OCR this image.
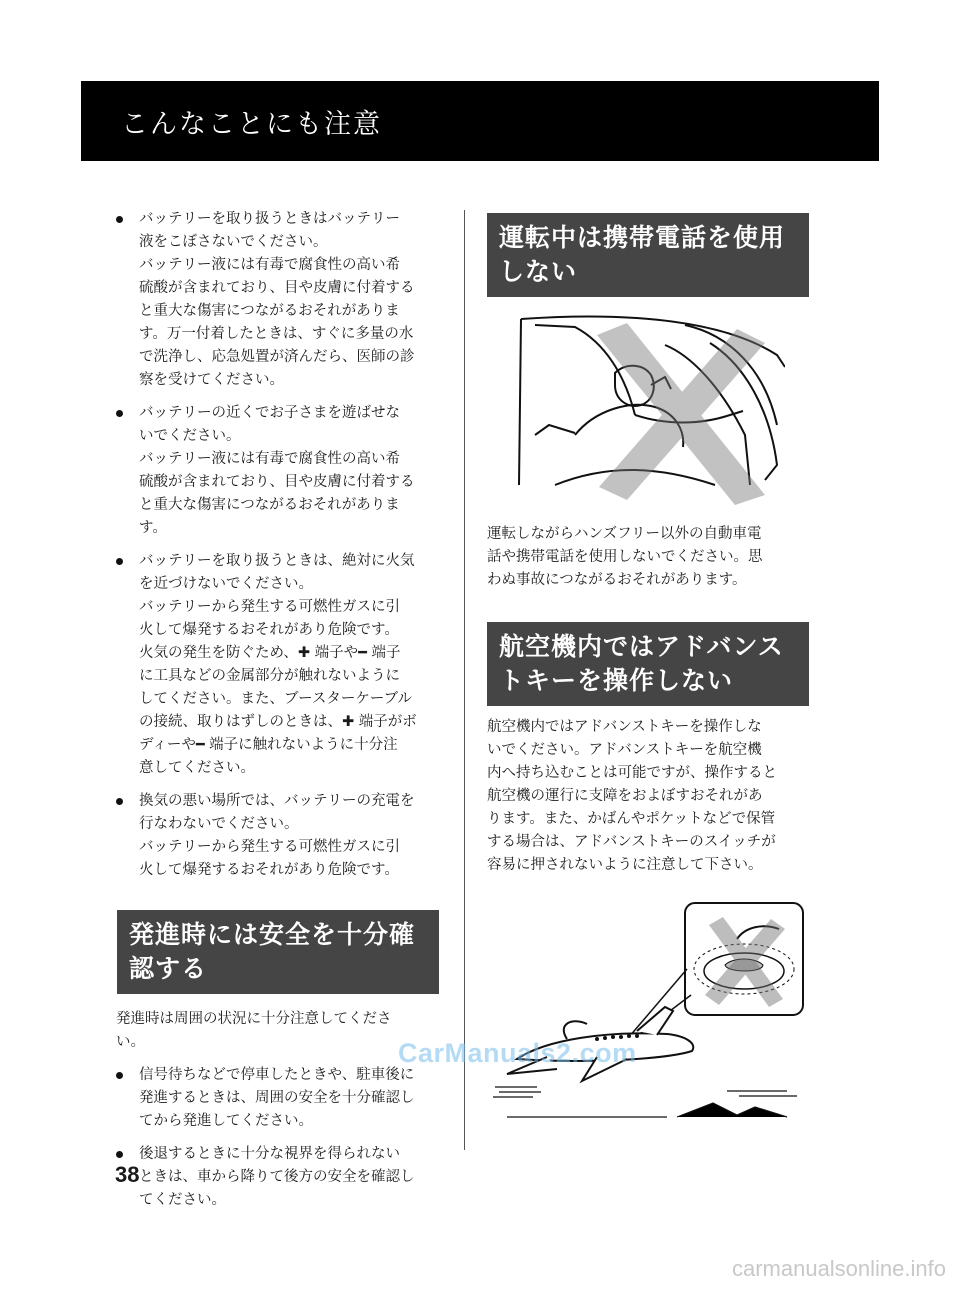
こんなことにも注意

バッテリーを取り扱うときはバッテリー
液をこぼさないでください。
バッテリー液には有毒で腐食性の高い希
硫酸が含まれており、目や皮膚に付着する
と重大な傷害につながるおそれがありま
す。万一付着したときは、すぐに多量の水
で洗浄し、応急処置が済んだら、医師の診
察を受けてください。

バッテリーの近くでお子さまを遊ばせな
いでください。
バッテリー液には有毒で腐食性の高い希
硫酸が含まれており、目や皮膚に付着する
と重大な傷害につながるおそれがありま
す。

バッテリーを取り扱うときは、絶対に火気
を近づけないでください。
バッテリーから発生する可燃性ガスに引
火して爆発するおそれがあり危険です。
火気の発生を防ぐため、✚ 端子や━ 端子
に工具などの金属部分が触れないように
してください。また、ブースターケーブル
の接続、取りはずしのときは、✚ 端子がボ
ディーや━ 端子に触れないように十分注
意してください。

換気の悪い場所では、バッテリーの充電を
行なわないでください。
バッテリーから発生する可燃性ガスに引
火して爆発するおそれがあり危険です。

発進時には安全を十分確
認する

発進時は周囲の状況に十分注意してくださ
い。

信号待ちなどで停車したときや、駐車後に
発進するときは、周囲の安全を十分確認し
てから発進してください。

後退するときに十分な視界を得られない
ときは、車から降りて後方の安全を確認し
てください。

運転中は携帯電話を使用
しない

運転しながらハンズフリー以外の自動車電
話や携帯電話を使用しないでください。思
わぬ事故につながるおそれがあります。

航空機内ではアドバンス
トキーを操作しない

航空機内ではアドバンストキーを操作しな
いでください。アドバンストキーを航空機
内へ持ち込むことは可能ですが、操作すると
航空機の運行に支障をおよぼすおそれがあ
ります。また、かばんやポケットなどで保管
する場合は、アドバンストキーのスイッチが
容易に押されないように注意して下さい。

CarManuals2.com
38
carmanualsonline.info
